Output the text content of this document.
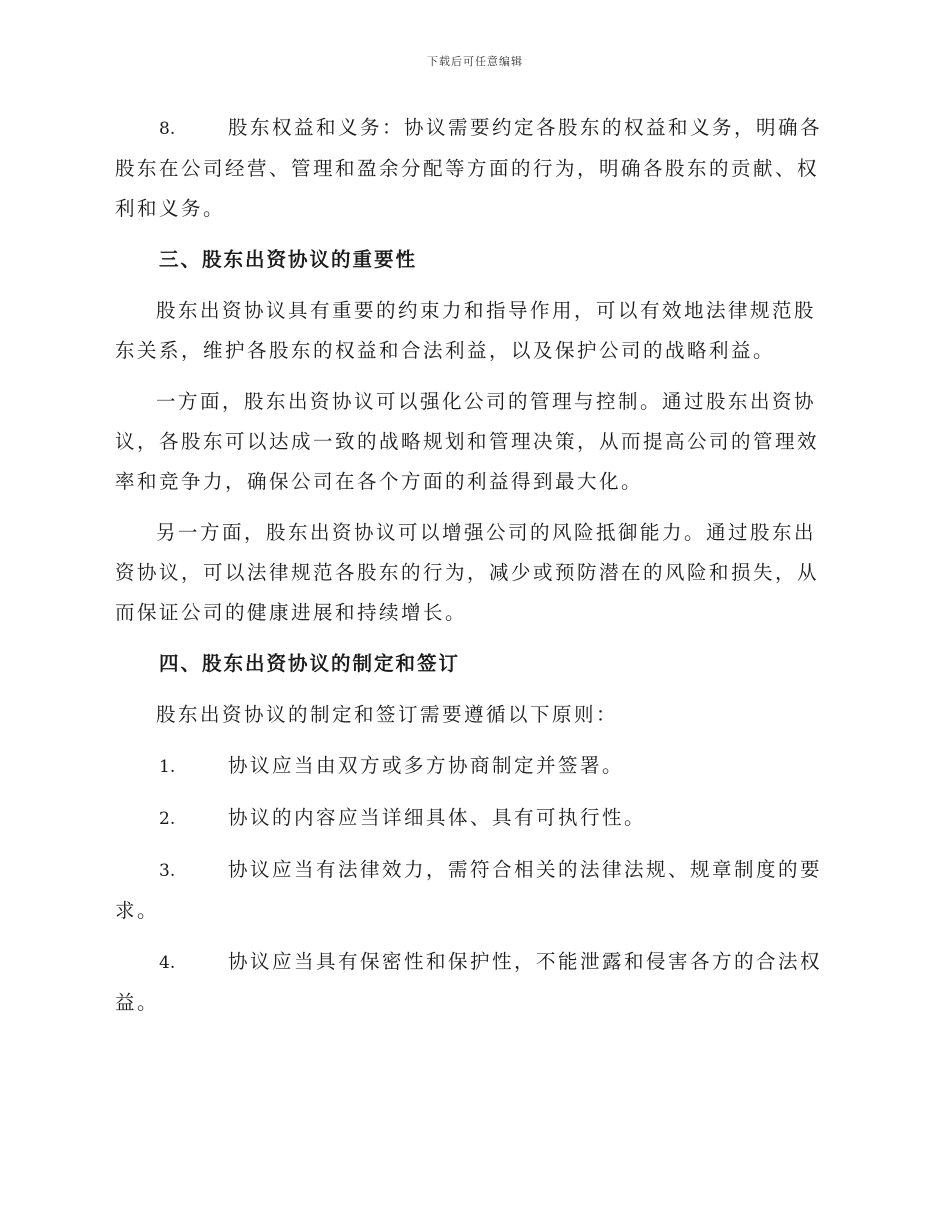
下载后可任意编辑

8.	股东权益和义务：协议需要约定各股东的权益和义务，明确各股东在公司经营、管理和盈余分配等方面的行为，明确各股东的贡献、权利和义务。

三、股东出资协议的重要性

股东出资协议具有重要的约束力和指导作用，可以有效地法律规范股东关系，维护各股东的权益和合法利益，以及保护公司的战略利益。

一方面，股东出资协议可以强化公司的管理与控制。通过股东出资协议，各股东可以达成一致的战略规划和管理决策，从而提高公司的管理效率和竞争力，确保公司在各个方面的利益得到最大化。

另一方面，股东出资协议可以增强公司的风险抵御能力。通过股东出资协议，可以法律规范各股东的行为，减少或预防潜在的风险和损失，从而保证公司的健康进展和持续增长。

四、股东出资协议的制定和签订

股东出资协议的制定和签订需要遵循以下原则：

1.	协议应当由双方或多方协商制定并签署。

2.	协议的内容应当详细具体、具有可执行性。

3.	协议应当有法律效力，需符合相关的法律法规、规章制度的要求。

4.	协议应当具有保密性和保护性，不能泄露和侵害各方的合法权益。
